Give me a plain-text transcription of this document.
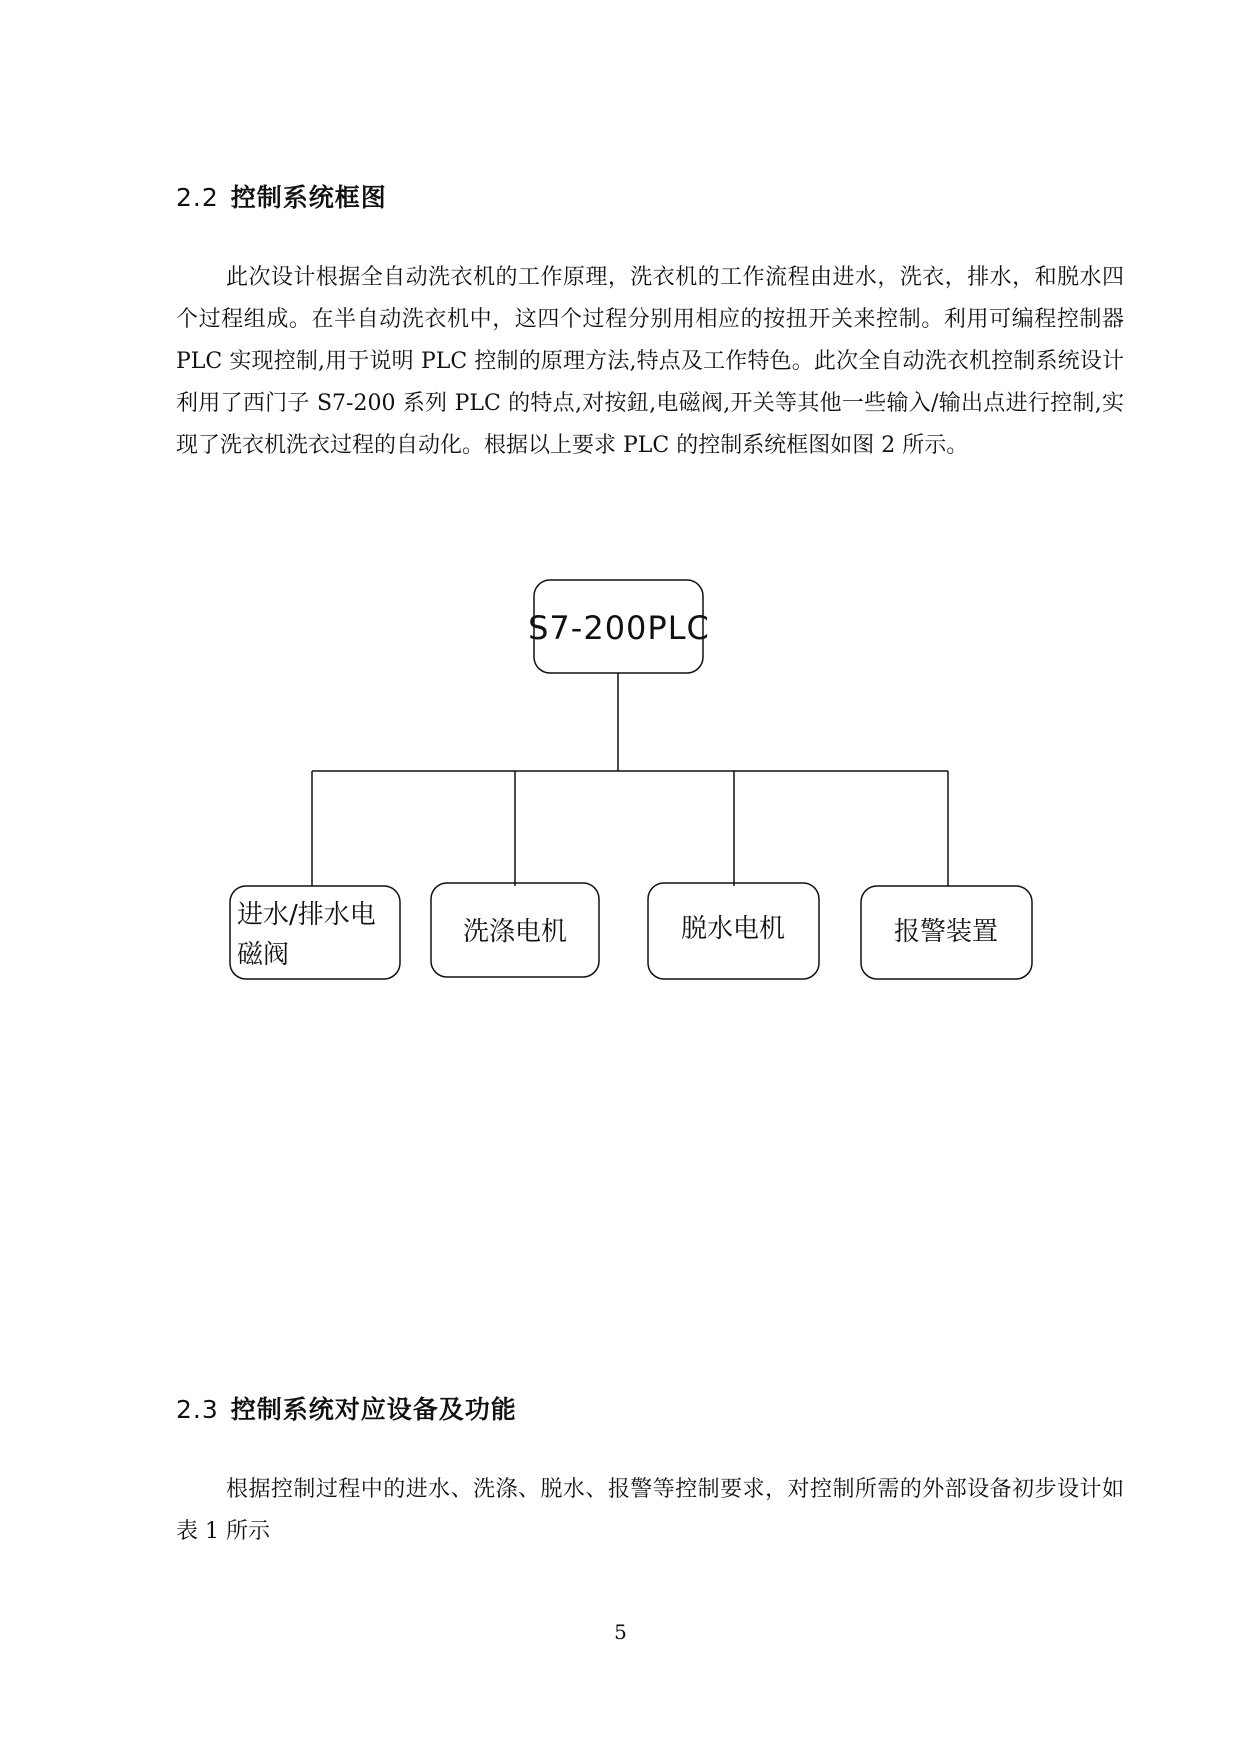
2.2 控制系统框图

此次设计根据全自动洗衣机的工作原理，洗衣机的工作流程由进水，洗衣，排水，和脱水四个过程组成。在半自动洗衣机中，这四个过程分别用相应的按扭开关来控制。利用可编程控制器 PLC 实现控制,用于说明 PLC 控制的原理方法,特点及工作特色。此次全自动洗衣机控制系统设计利用了西门子 S7-200 系列 PLC 的特点,对按鈕,电磁阀,开关等其他一些输入/输出点进行控制,实现了洗衣机洗衣过程的自动化。根据以上要求 PLC 的控制系统框图如图 2 所示。

S7-200PLC
进水/排水电
磁阀
洗涤电机	脱水电机	报警装置
2.3 控制系统对应设备及功能

根据控制过程中的进水、洗涤、脱水、报警等控制要求，对控制所需的外部设备初步设计如表 1 所示

5
